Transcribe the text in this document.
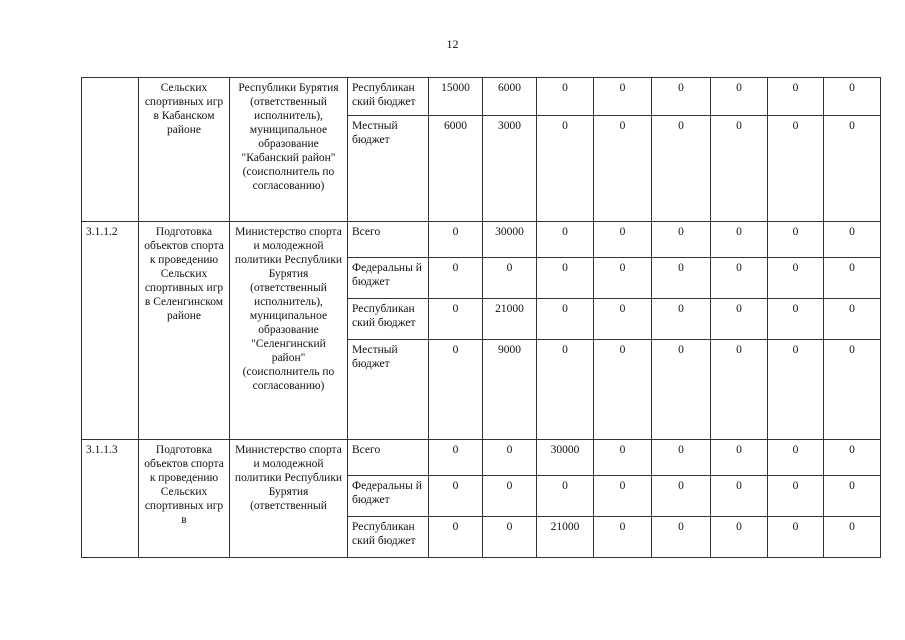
12
	Сельских спортивных игр в Кабанском районе	Республики Бурятия (ответственный исполнитель), муниципальное образование "Кабанский район" (соисполнитель по согласованию)	Республикан ский бюджет	15000	6000	0	0	0	0	0	0
			Местный бюджет	6000	3000	0	0	0	0	0	0
3.1.1.2	Подготовка объектов спорта к проведению Сельских спортивных игр в Селенгинском районе	Министерство спорта и молодежной политики Республики Бурятия (ответственный исполнитель), муниципальное образование "Селенгинский район" (соисполнитель по согласованию)	Всего	0	30000	0	0	0	0	0	0
			Федеральны й бюджет	0	0	0	0	0	0	0	0
			Республикан ский бюджет	0	21000	0	0	0	0	0	0
			Местный бюджет	0	9000	0	0	0	0	0	0
3.1.1.3	Подготовка объектов спорта к проведению Сельских спортивных игр в	Министерство спорта и молодежной политики Республики Бурятия (ответственный	Всего	0	0	30000	0	0	0	0	0
			Федеральны й бюджет	0	0	0	0	0	0	0	0
			Республикан ский бюджет	0	0	21000	0	0	0	0	0
